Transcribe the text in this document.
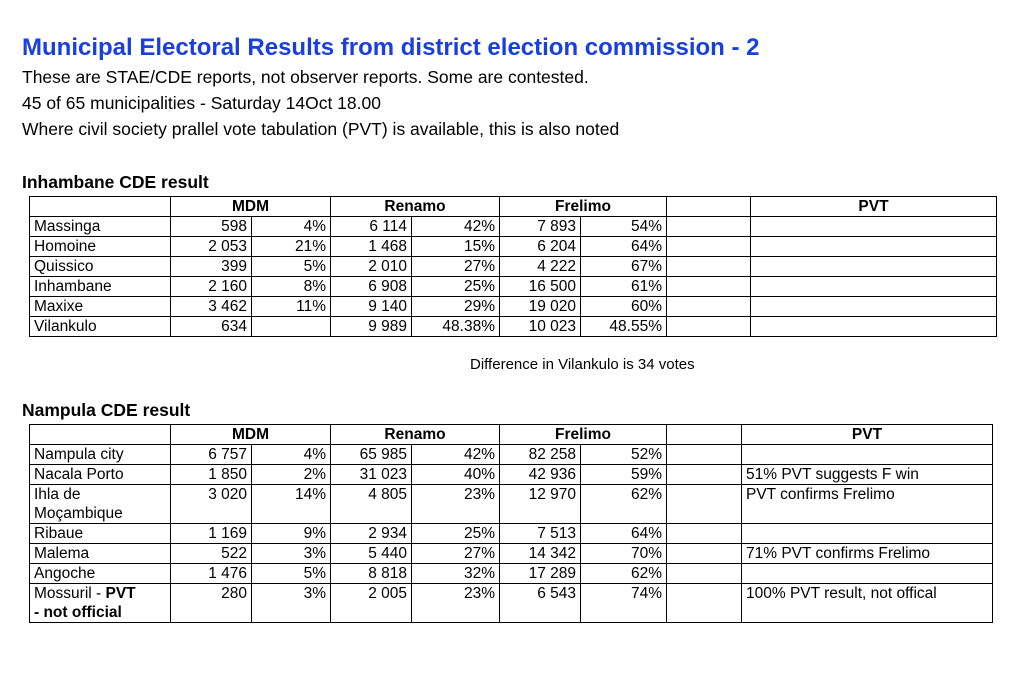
Municipal Electoral Results from district election commission - 2
These are STAE/CDE reports, not observer reports. Some are contested.
45 of 65 municipalities - Saturday 14Oct 18.00
Where civil society prallel vote tabulation (PVT) is available, this is also noted
Inhambane CDE result
	MDM		Renamo		Frelimo			PVT
Massinga	598	4%	6 114	42%	7 893	54%		
Homoine	2 053	21%	1 468	15%	6 204	64%		
Quissico	399	5%	2 010	27%	4 222	67%		
Inhambane	2 160	8%	6 908	25%	16 500	61%		
Maxixe	3 462	11%	9 140	29%	19 020	60%		
Vilankulo	634		9 989	48.38%	10 023	48.55%		
Difference in Vilankulo is 34 votes
Nampula CDE result
	MDM		Renamo		Frelimo			PVT
Nampula city	6 757	4%	65 985	42%	82 258	52%		
Nacala Porto	1 850	2%	31 023	40%	42 936	59%		51% PVT suggests F win
Ihla de
Moçambique	3 020	14%	4 805	23%	12 970	62%		PVT confirms Frelimo
Ribaue	1 169	9%	2 934	25%	7 513	64%		
Malema	522	3%	5 440	27%	14 342	70%		71% PVT confirms Frelimo
Angoche	1 476	5%	8 818	32%	17 289	62%		
Mossuril - PVT
- not official	280	3%	2 005	23%	6 543	74%		100% PVT result, not offical
